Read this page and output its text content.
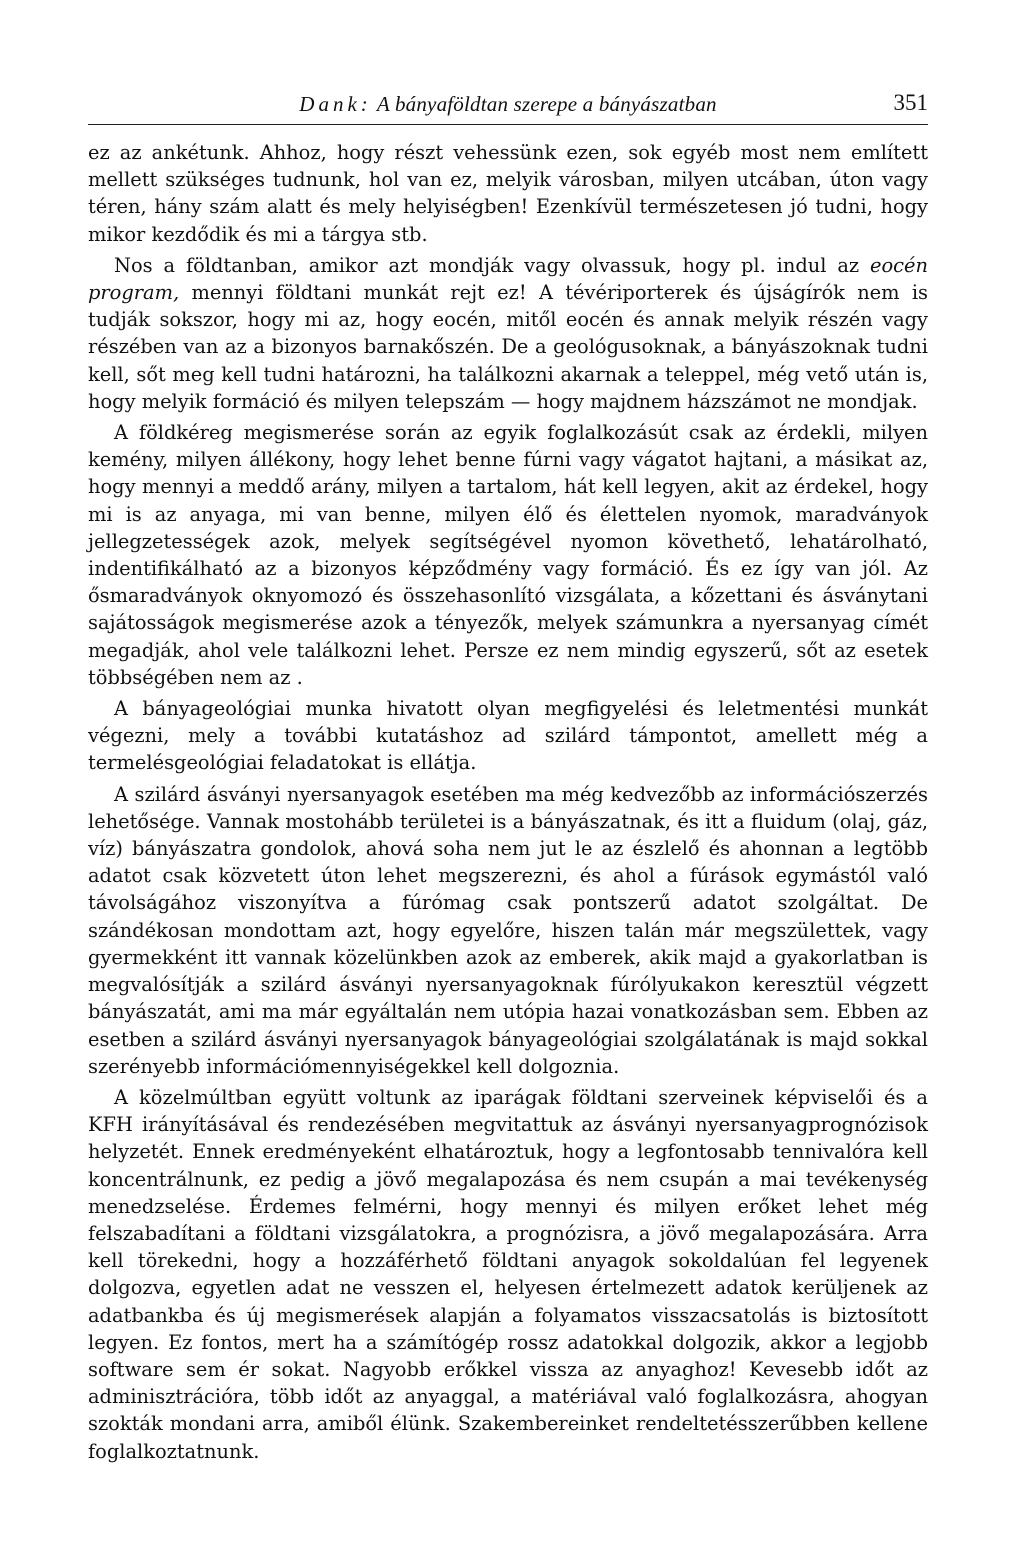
Dank: A bányaföldtan szerepe a bányászatban	351

ez az ankétunk. Ahhoz, hogy részt vehessünk ezen, sok egyéb most nem említett mellett szükséges tudnunk, hol van ez, melyik városban, milyen utcában, úton vagy téren, hány szám alatt és mely helyiségben! Ezenkívül természetesen jó tudni, hogy mikor kezdődik és mi a tárgya stb.

Nos a földtanban, amikor azt mondják vagy olvassuk, hogy pl. indul az eocén program, mennyi földtani munkát rejt ez! A tévériporterek és újságírók nem is tudják sokszor, hogy mi az, hogy eocén, mitől eocén és annak melyik részén vagy részében van az a bizonyos barnakőszén. De a geológusoknak, a bányászoknak tudni kell, sőt meg kell tudni határozni, ha találkozni akarnak a teleppel, még vető után is, hogy melyik formáció és milyen telepszám — hogy majdnem házszámot ne mondjak.

A földkéreg megismerése során az egyik foglalkozásút csak az érdekli, milyen kemény, milyen állékony, hogy lehet benne fúrni vagy vágatot hajtani, a másikat az, hogy mennyi a meddő arány, milyen a tartalom, hát kell legyen, akit az érdekel, hogy mi is az anyaga, mi van benne, milyen élő és élettelen nyomok, maradványok jellegzetességek azok, melyek segítségével nyomon követhető, lehatárolható, indentifikálható az a bizonyos képződmény vagy formáció. És ez így van jól. Az ősmaradványok oknyomozó és összehasonlító vizsgálata, a kőzettani és ásványtani sajátosságok megismerése azok a tényezők, melyek számunkra a nyersanyag címét megadják, ahol vele találkozni lehet. Persze ez nem mindig egyszerű, sőt az esetek többségében nem az .

A bányageológiai munka hivatott olyan megfigyelési és leletmentési munkát végezni, mely a további kutatáshoz ad szilárd támpontot, amellett még a termelésgeológiai feladatokat is ellátja.

A szilárd ásványi nyersanyagok esetében ma még kedvezőbb az információszerzés lehetősége. Vannak mostohább területei is a bányászatnak, és itt a fluidum (olaj, gáz, víz) bányászatra gondolok, ahová soha nem jut le az észlelő és ahonnan a legtöbb adatot csak közvetett úton lehet megszerezni, és ahol a fúrások egymástól való távolságához viszonyítva a fúrómag csak pontszerű adatot szolgáltat. De szándékosan mondottam azt, hogy egyelőre, hiszen talán már megszülettek, vagy gyermekként itt vannak közelünkben azok az emberek, akik majd a gyakorlatban is megvalósítják a szilárd ásványi nyersanyagoknak fúrólyukakon keresztül végzett bányászatát, ami ma már egyáltalán nem utópia hazai vonatkozásban sem. Ebben az esetben a szilárd ásványi nyersanyagok bányageológiai szolgálatának is majd sokkal szerényebb információmennyiségekkel kell dolgoznia.

A közelmúltban együtt voltunk az iparágak földtani szerveinek képviselői és a KFH irányításával és rendezésében megvitattuk az ásványi nyersanyagprognózisok helyzetét. Ennek eredményeként elhatároztuk, hogy a legfontosabb tennivalóra kell koncentrálnunk, ez pedig a jövő megalapozása és nem csupán a mai tevékenység menedzselése. Érdemes felmérni, hogy mennyi és milyen erőket lehet még felszabadítani a földtani vizsgálatokra, a prognózisra, a jövő megalapozására. Arra kell törekedni, hogy a hozzáférhető földtani anyagok sokoldalúan fel legyenek dolgozva, egyetlen adat ne vesszen el, helyesen értelmezett adatok kerüljenek az adatbankba és új megismerések alapján a folyamatos visszacsatolás is biztosított legyen. Ez fontos, mert ha a számítógép rossz adatokkal dolgozik, akkor a legjobb software sem ér sokat. Nagyobb erőkkel vissza az anyaghoz! Kevesebb időt az adminisztrációra, több időt az anyaggal, a matériával való foglalkozásra, ahogyan szokták mondani arra, amiből élünk. Szakembereinket rendeltetésszerűbben kellene foglalkoztatnunk.
